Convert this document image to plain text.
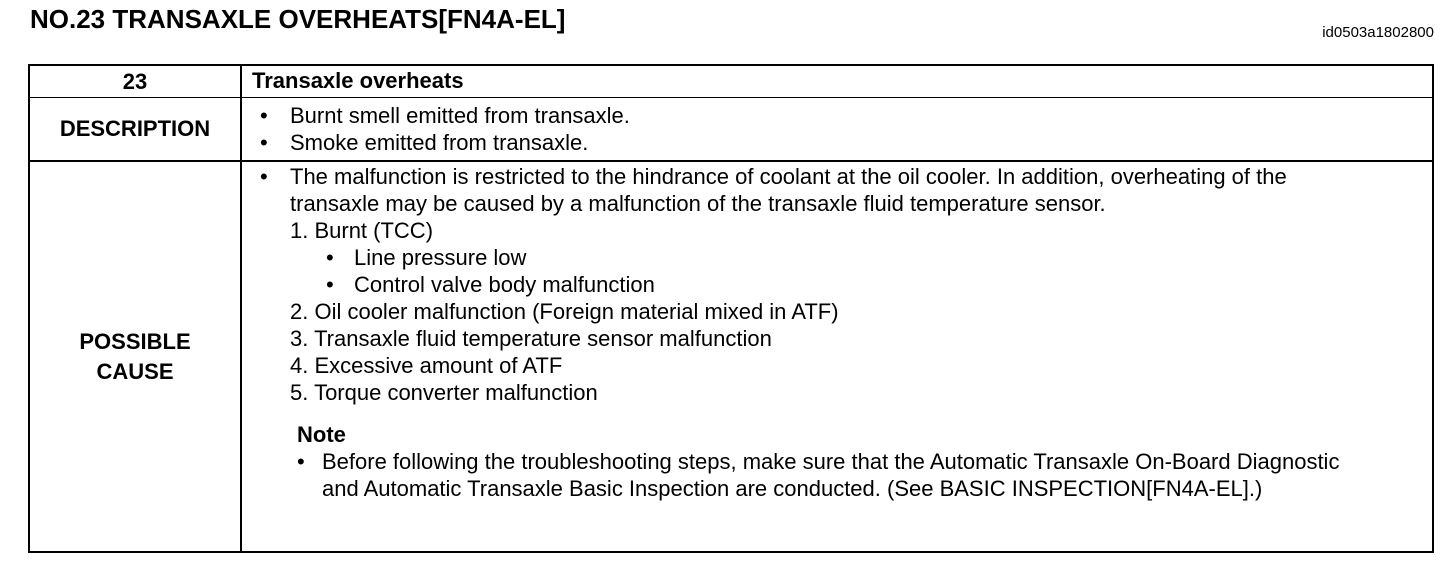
NO.23 TRANSAXLE OVERHEATS[FN4A-EL]	id0503a1802800
23	Transaxle overheats
DESCRIPTION
• Burnt smell emitted from transaxle.
• Smoke emitted from transaxle.
POSSIBLE
CAUSE
• The malfunction is restricted to the hindrance of coolant at the oil cooler. In addition, overheating of the
transaxle may be caused by a malfunction of the transaxle fluid temperature sensor.
1. Burnt (TCC)
• Line pressure low
• Control valve body malfunction
2. Oil cooler malfunction (Foreign material mixed in ATF)
3. Transaxle fluid temperature sensor malfunction
4. Excessive amount of ATF
5. Torque converter malfunction
Note
• Before following the troubleshooting steps, make sure that the Automatic Transaxle On-Board Diagnostic and Automatic Transaxle Basic Inspection are conducted. (See BASIC INSPECTION[FN4A-EL].)
